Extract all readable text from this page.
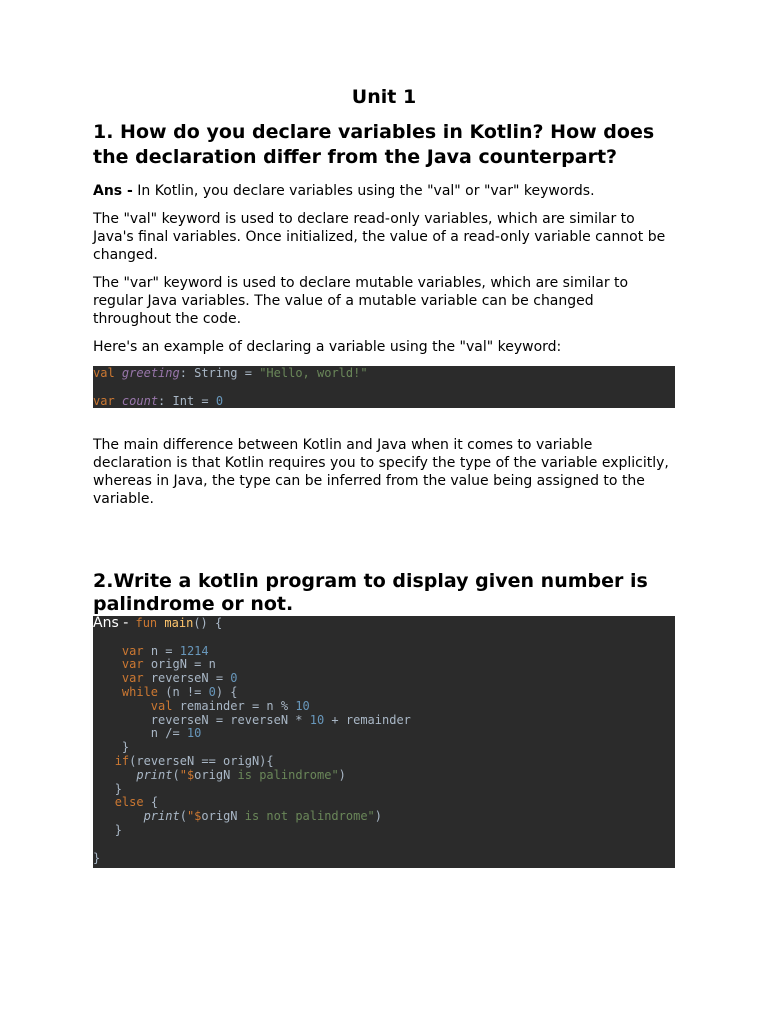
Unit 1
1. How do you declare variables in Kotlin? How does the declaration differ from the Java counterpart?

Ans - In Kotlin, you declare variables using the "val" or "var" keywords.

The "val" keyword is used to declare read-only variables, which are similar to Java's final variables. Once initialized, the value of a read-only variable cannot be changed.

The "var" keyword is used to declare mutable variables, which are similar to regular Java variables. The value of a mutable variable can be changed throughout the code.

Here's an example of declaring a variable using the "val" keyword:

val greeting: String = "Hello, world!"
var count: Int = 0

The main difference between Kotlin and Java when it comes to variable declaration is that Kotlin requires you to specify the type of the variable explicitly, whereas in Java, the type can be inferred from the value being assigned to the variable.

2.Write a kotlin program to display given number is palindrome or not.
Ans - fun main() {

var n = 1214
var origN = n
var reverseN = 0
while (n != 0) {
val remainder = n % 10
reverseN = reverseN * 10 + remainder
n /= 10
}
if(reverseN == origN){
print("$origN is palindrome")
}
else {
print("$origN is not palindrome")
}

}
